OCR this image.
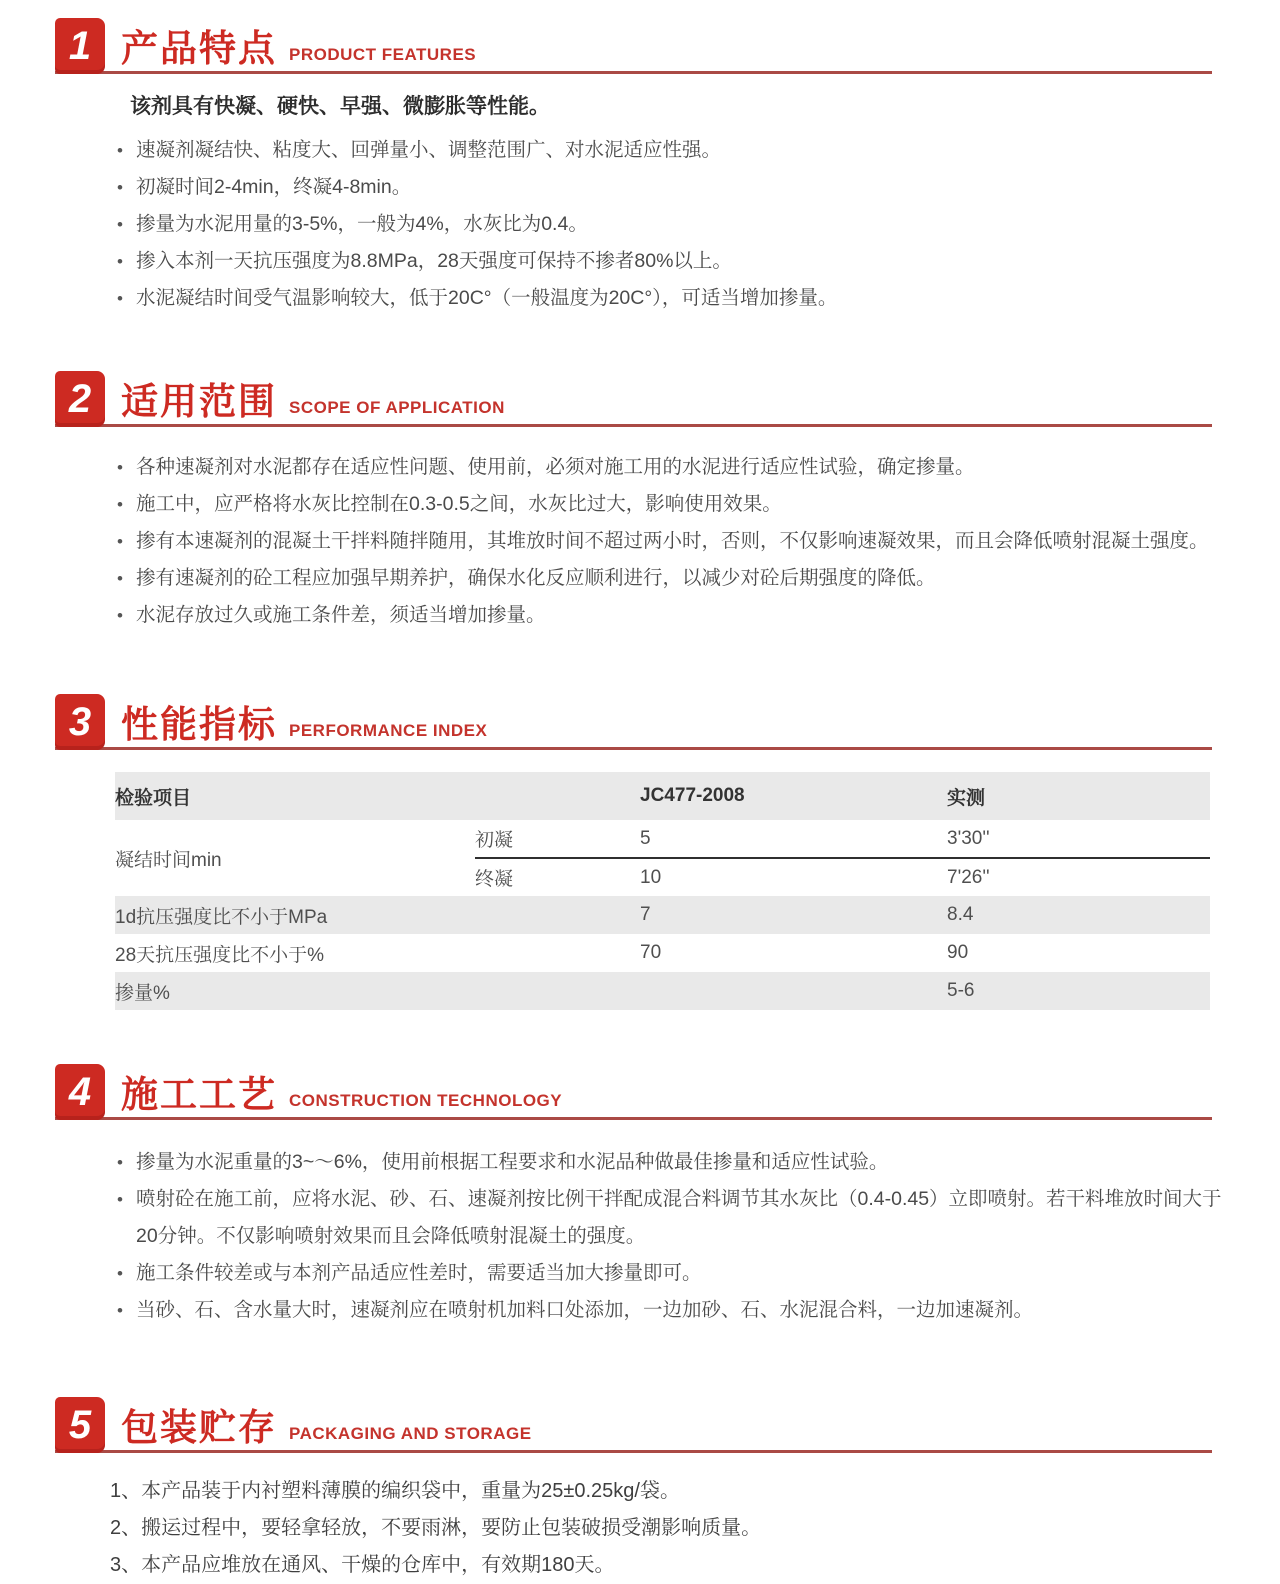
1 产品特点 PRODUCT FEATURES
该剂具有快凝、硬快、早强、微膨胀等性能。
• 速凝剂凝结快、粘度大、回弹量小、调整范围广、对水泥适应性强。
• 初凝时间2-4min，终凝4-8min。
• 掺量为水泥用量的3-5%，一般为4%，水灰比为0.4。
• 掺入本剂一天抗压强度为8.8MPa，28天强度可保持不掺者80%以上。
• 水泥凝结时间受气温影响较大，低于20C°（一般温度为20C°），可适当增加掺量。
2 适用范围 SCOPE OF APPLICATION
• 各种速凝剂对水泥都存在适应性问题、使用前，必须对施工用的水泥进行适应性试验，确定掺量。
• 施工中，应严格将水灰比控制在0.3-0.5之间，水灰比过大，影响使用效果。
• 掺有本速凝剂的混凝土干拌料随拌随用，其堆放时间不超过两小时，否则，不仅影响速凝效果，而且会降低喷射混凝土强度。
• 掺有速凝剂的砼工程应加强早期养护，确保水化反应顺利进行，以减少对砼后期强度的降低。
• 水泥存放过久或施工条件差，须适当增加掺量。
3 性能指标 PERFORMANCE INDEX
检验项目		JC477-2008	实测
凝结时间min	初凝	5	3'30''
	终凝	10	7'26''
1d抗压强度比不小于MPa		7	8.4
28天抗压强度比不小于%		70	90
掺量%			5-6
4 施工工艺 CONSTRUCTION TECHNOLOGY
• 掺量为水泥重量的3~～6%，使用前根据工程要求和水泥品种做最佳掺量和适应性试验。
• 喷射砼在施工前，应将水泥、砂、石、速凝剂按比例干拌配成混合料调节其水灰比（0.4-0.45）立即喷射。若干料堆放时间大于20分钟。不仅影响喷射效果而且会降低喷射混凝土的强度。
• 施工条件较差或与本剂产品适应性差时，需要适当加大掺量即可。
• 当砂、石、含水量大时，速凝剂应在喷射机加料口处添加，一边加砂、石、水泥混合料，一边加速凝剂。
5 包装贮存 PACKAGING AND STORAGE
1、本产品装于内衬塑料薄膜的编织袋中，重量为25±0.25kg/袋。
2、搬运过程中，要轻拿轻放，不要雨淋，要防止包装破损受潮影响质量。
3、本产品应堆放在通风、干燥的仓库中，有效期180天。
